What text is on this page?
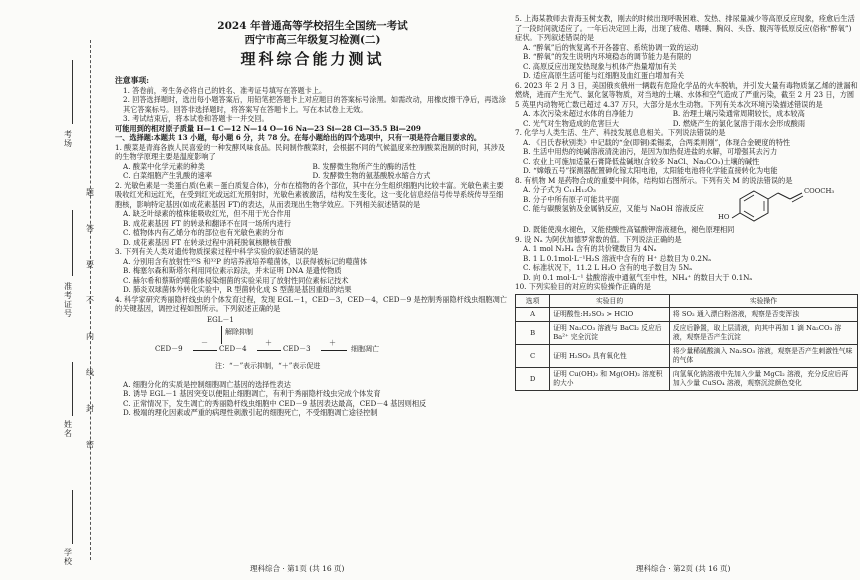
学校
姓名
准考证号
考场
密
封
线
内
不
要
答
题
2024 年普通高等学校招生全国统一考试
西宁市高三年级复习检测(二)
理科综合能力测试
注意事项:

1. 答卷前，考生务必将自己的姓名、准考证号填写在答题卡上。

2. 回答选择题时，选出每小题答案后，用铅笔把答题卡上对应题目的答案标号涂黑。如需改动，用橡皮擦干净后，再选涂其它答案标号。回答非选择题时，将答案写在答题卡上。写在本试卷上无效。

3. 考试结束后，将本试卷和答题卡一并交回。

可能用到的相对原子质量 H—1 C—12 N—14 O—16 Na—23 Si—28 Cl—35.5 Bi—209

一、选择题:本题共 13 小题，每小题 6 分，共 78 分。在每小题给出的四个选项中，只有一项是符合题目要求的。

1. 酸菜是青海各族人民喜爱的一种发酵风味食品。民间制作酸菜时，会根据不同的气候温度来控制酸菜泡制的时间，其涉及的生物学原理主要是温度影响了

A. 酸菜中化学元素的种类	B. 发酵微生物所产生的酶的活性

C. 白菜细胞产生乳酸的速率	D. 发酵微生物的氨基酸脱水缩合方式

2. 光敏色素是一类蛋白质(色素－蛋白质复合体)，分布在植物的各个部位，其中在分生组织细胞内比较丰富。光敏色素主要吸收红光和远红光，在受到红光或远红光照射时，光敏色素被激活，结构发生变化，这一变化信息经信号传导系统传导至细胞核，影响特定基因(如成花素基因 FT)的表达，从而表现出生物学效应。下列相关叙述错误的是

A. 缺乏叶绿素的植株能吸收红光，但不用于光合作用

B. 成花素基因 FT 的转录和翻译不在同一场所内进行

C. 植物体内有乙烯分布的部位也有光敏色素的分布

D. 成花素基因 FT 在转录过程中消耗脱氧核糖核苷酸

3. 下列有关人类对遗传物质探索过程中科学实验的叙述错误的是

A. 分别用含有放射性³⁵S 和³²P 的培养液培养噬菌体，以获得被标记的噬菌体

B. 梅塞尔森和斯塔尔利用同位素示踪法，并未证明 DNA 是遗传物质

C. 赫尔希和蔡斯的噬菌体侵染细菌的实验采用了放射性同位素标记技术

D. 肺炎双球菌体外转化实验中，R 型菌转化成 S 型菌是基因重组的结果

4. 科学家研究秀丽隐杆线虫的个体发育过程，发现 EGL－1，CED－3，CED－4，CED－9 是控制秀丽隐杆线虫细胞凋亡的关键基因，调控过程如图所示。下列叙述正确的是

EGL－1
解除抑制
CED－9
－
CED－4
＋
CED－3
＋
细胞凋亡
注：“－”表示抑制，“＋”表示促进

A. 细胞分化的实质是控制细胞凋亡基因的选择性表达

B. 诱导 EGL－1 基因突变以便阻止细胞凋亡，有利于秀丽隐杆线虫完成个体发育

C. 正常情况下，发生凋亡的秀丽隐杆线虫细胞中 CED－9 基因表达最高，CED－4 基因则相反

D. 极端的理化因素或严重的病理性刺激引起的细胞死亡，不受细胞凋亡途径控制

理科综合 · 第1页 (共 16 页)

5. 上海某教师去青海玉树支教，刚去的时候出现呼吸困难、发热、排尿量减少等高原反应现象，痊愈后生活了一段时间就适应了。一年后决定回上海，出现了疲倦、嗜睡、胸闷、头昏、腹泻等低原反应(俗称“醉氧”)症状。下列叙述错误的是

A. “醉氧”后的恢复离不开各器官、系统协调一致的运动

B. “醉氧”的发生说明内环境稳态的调节能力是有限的

C. 高原反应出现发热现象与机体产热量增加有关

D. 适应高原生活可能与红细胞及血红蛋白增加有关

6. 2023 年 2 月 3 日，美国俄亥俄州一辆载有危险化学品的火车脱轨，并引发大量有毒物质氯乙烯的泄漏和燃烧，进而产生光气、氯化氢等物质，对当地的土壤、水体和空气造成了严重污染，截至 2 月 23 日，方圆 5 英里内动物死亡数已超过 4.37 万只，大部分是水生动物。下列有关本次环境污染描述错误的是

A. 本次污染未超过水体的自净能力	B. 治理土壤污染通常周期较长，成本较高

C. 光气对生物造成的危害巨大	D. 燃烧产生的氯化氢溶于雨水会形成酸雨

7. 化学与人类生活、生产、科技发展息息相关。下列说法错误的是

A. 《吕氏春秋别类》中记载的“金(即铜)柔锡柔，合两柔则刚”，体现合金硬度的特性

B. 生活中用热的纯碱溶液清洗油污，是因为加热促进盐的水解，可增强其去污力

C. 农业上可施加适量石膏降低盐碱地(含较多 NaCl、Na₂CO₃)土壤的碱性

D. “嫦娥五号”探测器配置砷化镓太阳电池，太阳能电池将化学能直接转化为电能

8. 有机物 M 是药物合成的重要中间体，结构如右图所示。下列有关 M 的说法错误的是

A. 分子式为 C₁₁H₁₂O₃

B. 分子中所有原子可能共平面

C. 能与碳酸氢钠及金属钠反应，又能与 NaOH 溶液反应

HO
COOCH₃

D. 既能使溴水褪色，又能使酸性高锰酸钾溶液褪色，褪色原理相同

9. 设 Nₐ 为阿伏加德罗常数的值。下列说法正确的是

A. 1 mol N₂H₄ 含有的共价键数目为 4Nₐ

B. 1 L 0.1mol·L⁻¹H₂S 溶液中含有的 H⁺ 总数目为 0.2Nₐ

C. 标准状况下，11.2 L H₂O 含有的电子数目为 5Nₐ

D. 向 0.1 mol·L⁻¹ 盐酸溶液中通氨气至中性，NH₄⁺ 的数目大于 0.1Nₐ

10. 下列实验目的对应的实验操作正确的是

选项	实验目的	实验操作
A	证明酸性:H₂SO₃ > HClO	将 SO₂ 通入漂白粉溶液，观察是否变浑浊
B	证明 Na₂CO₃ 溶液与 BaCl₂ 反应后 Ba²⁺ 完全沉淀	反应后静置，取上层清液，向其中再加 1 滴 Na₂CO₃ 溶液，观察是否产生沉淀
C	证明 H₂SO₃ 具有氧化性	将少量稀硫酸滴入 Na₂SO₃ 溶液，观察是否产生刺激性气味的气体
D	证明 Cu(OH)₂ 和 Mg(OH)₂ 溶度积的大小	向氢氧化钠溶液中先加入少量 MgCl₂ 溶液，充分反应后再加入少量 CuSO₄ 溶液，观察沉淀颜色变化
理科综合 · 第2页 (共 16 页)
